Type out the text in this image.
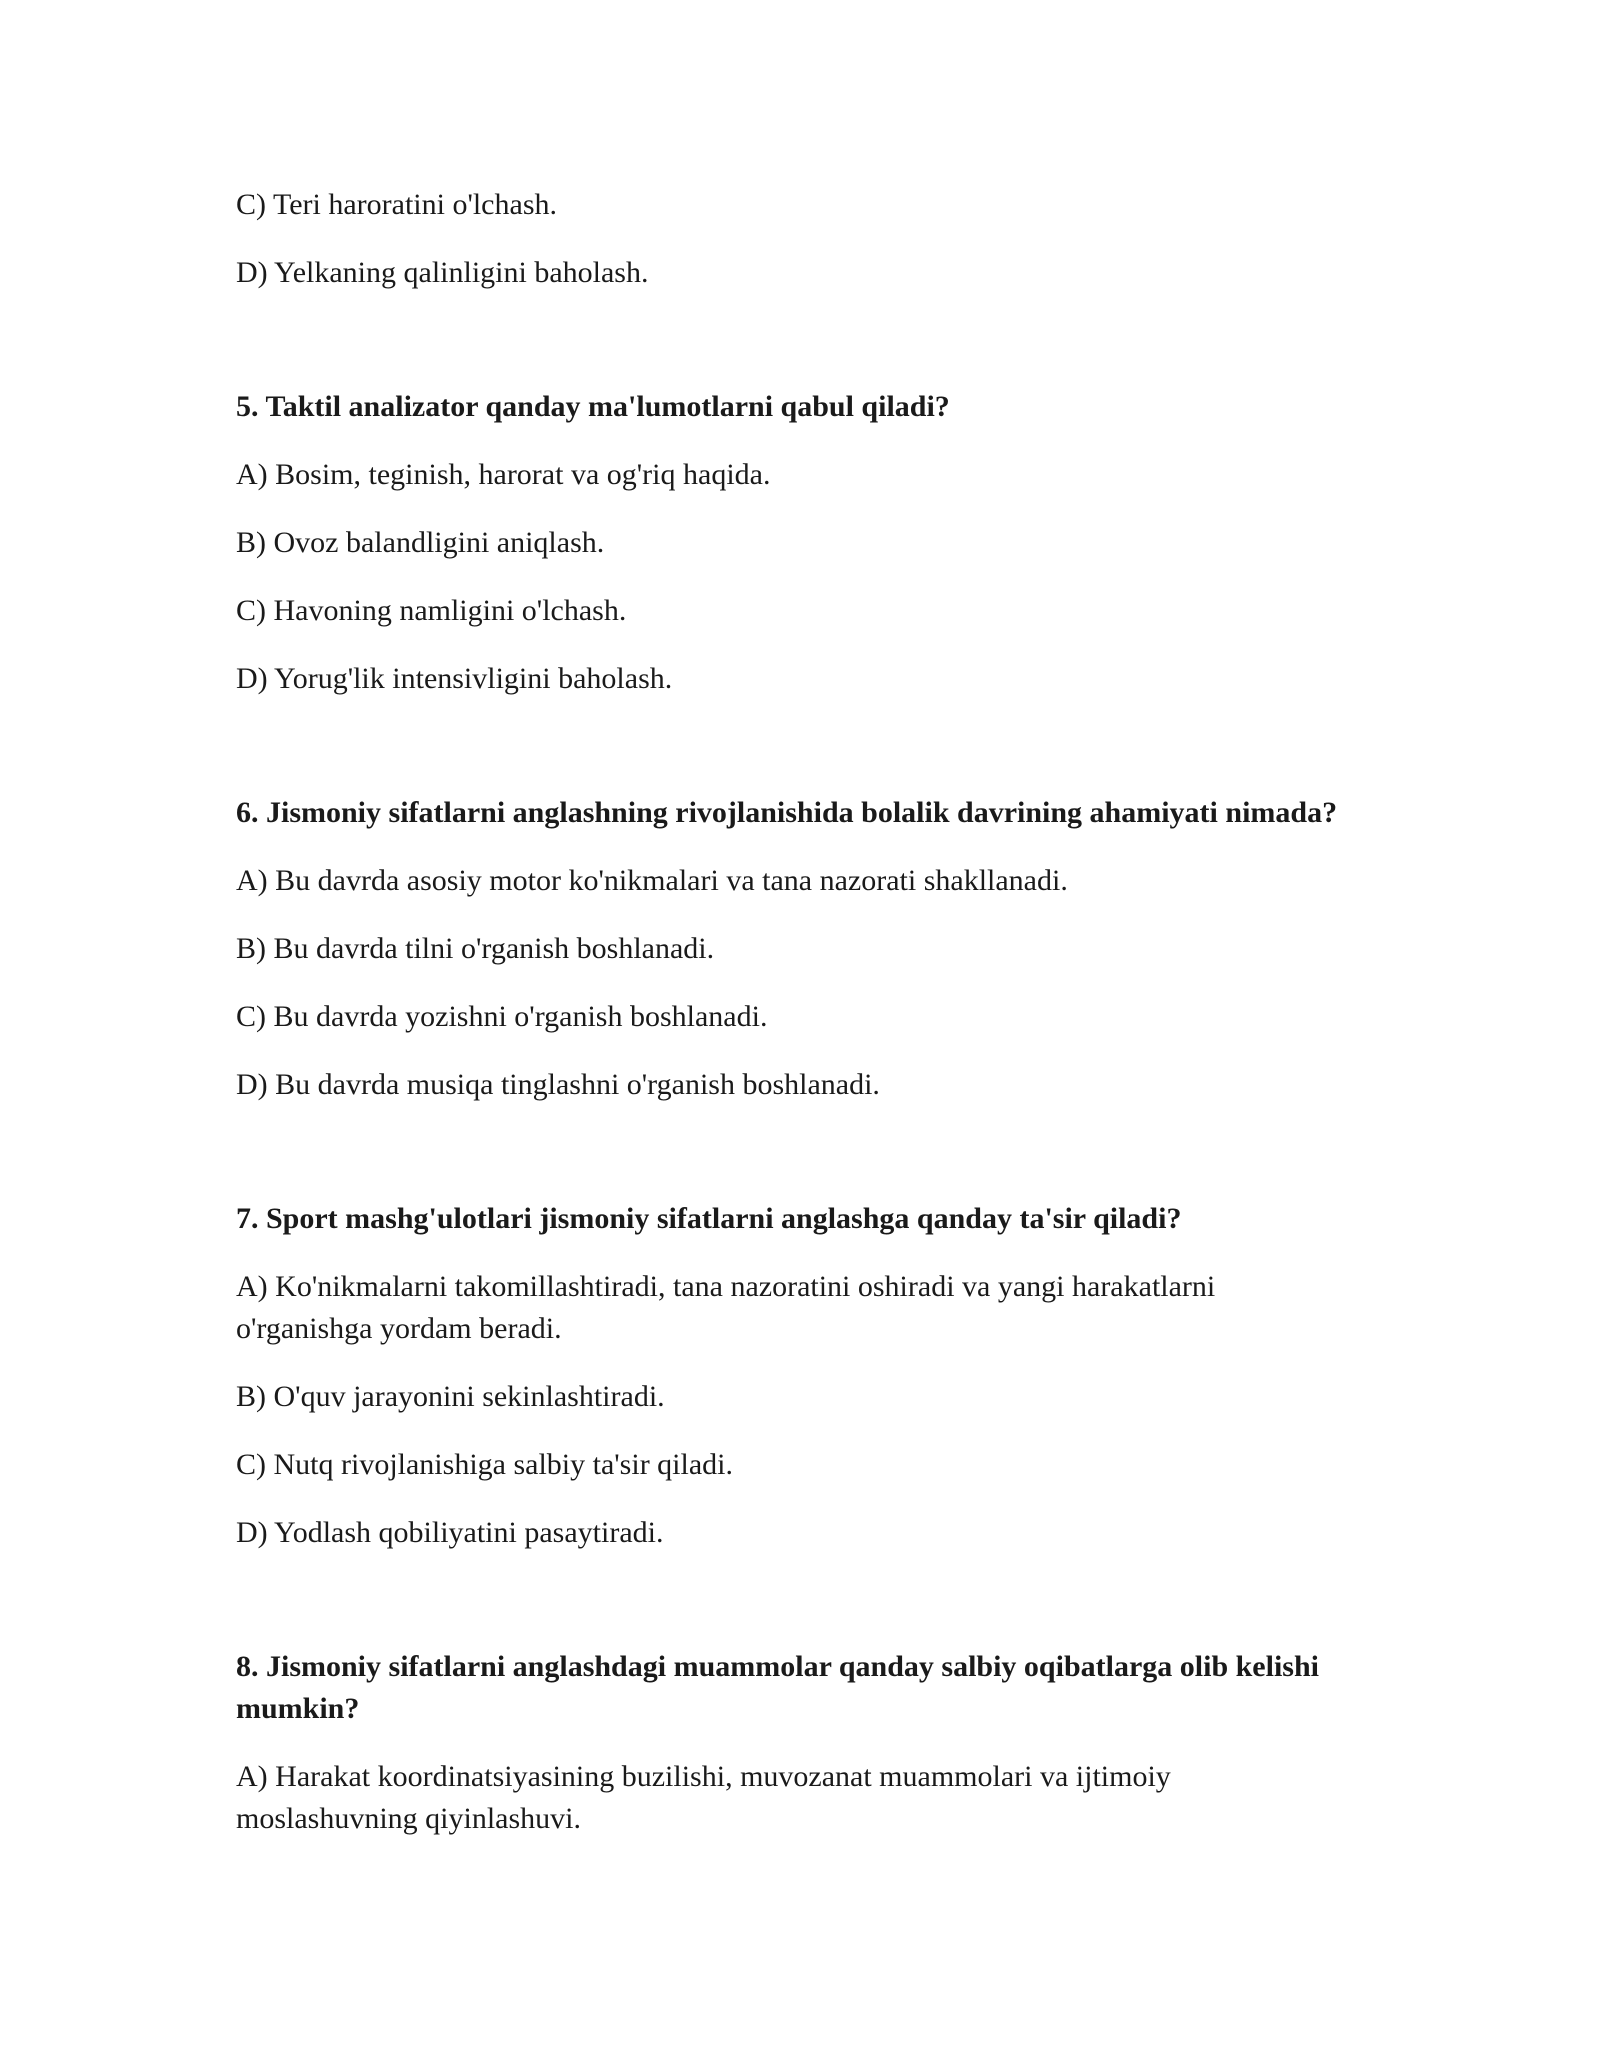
C) Teri haroratini o'lchash.

D) Yelkaning qalinligini baholash.

5. Taktil analizator qanday ma'lumotlarni qabul qiladi?

A) Bosim, teginish, harorat va og'riq haqida.

B) Ovoz balandligini aniqlash.

C) Havoning namligini o'lchash.

D) Yorug'lik intensivligini baholash.

6. Jismoniy sifatlarni anglashning rivojlanishida bolalik davrining ahamiyati nimada?

A) Bu davrda asosiy motor ko'nikmalari va tana nazorati shakllanadi.

B) Bu davrda tilni o'rganish boshlanadi.

C) Bu davrda yozishni o'rganish boshlanadi.

D) Bu davrda musiqa tinglashni o'rganish boshlanadi.

7. Sport mashg'ulotlari jismoniy sifatlarni anglashga qanday ta'sir qiladi?

A) Ko'nikmalarni takomillashtiradi, tana nazoratini oshiradi va yangi harakatlarni o'rganishga yordam beradi.

B) O'quv jarayonini sekinlashtiradi.

C) Nutq rivojlanishiga salbiy ta'sir qiladi.

D) Yodlash qobiliyatini pasaytiradi.

8. Jismoniy sifatlarni anglashdagi muammolar qanday salbiy oqibatlarga olib kelishi mumkin?

A) Harakat koordinatsiyasining buzilishi, muvozanat muammolari va ijtimoiy moslashuvning qiyinlashuvi.
